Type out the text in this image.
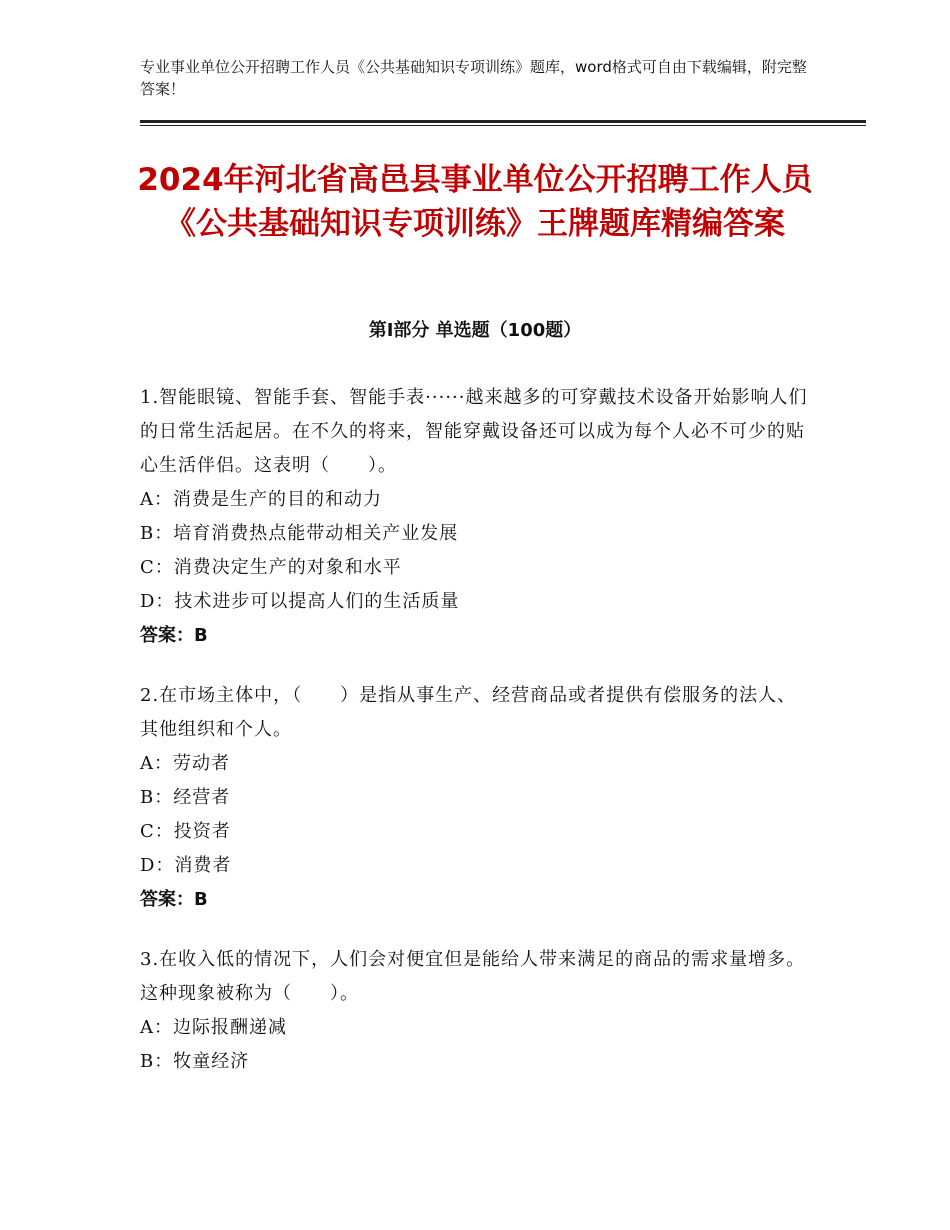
专业事业单位公开招聘工作人员《公共基础知识专项训练》题库，word格式可自由下载编辑，附完整答案！
2024年河北省高邑县事业单位公开招聘工作人员《公共基础知识专项训练》王牌题库精编答案
第Ⅰ部分 单选题（100题）
1.智能眼镜、智能手套、智能手表······越来越多的可穿戴技术设备开始影响人们的日常生活起居。在不久的将来，智能穿戴设备还可以成为每个人必不可少的贴心生活伴侣。这表明（　　）。
A：消费是生产的目的和动力
B：培育消费热点能带动相关产业发展
C：消费决定生产的对象和水平
D：技术进步可以提高人们的生活质量
答案：B
2.在市场主体中，（　　）是指从事生产、经营商品或者提供有偿服务的法人、其他组织和个人。
A：劳动者
B：经营者
C：投资者
D：消费者
答案：B
3.在收入低的情况下，人们会对便宜但是能给人带来满足的商品的需求量增多。这种现象被称为（　　）。
A：边际报酬递减
B：牧童经济
